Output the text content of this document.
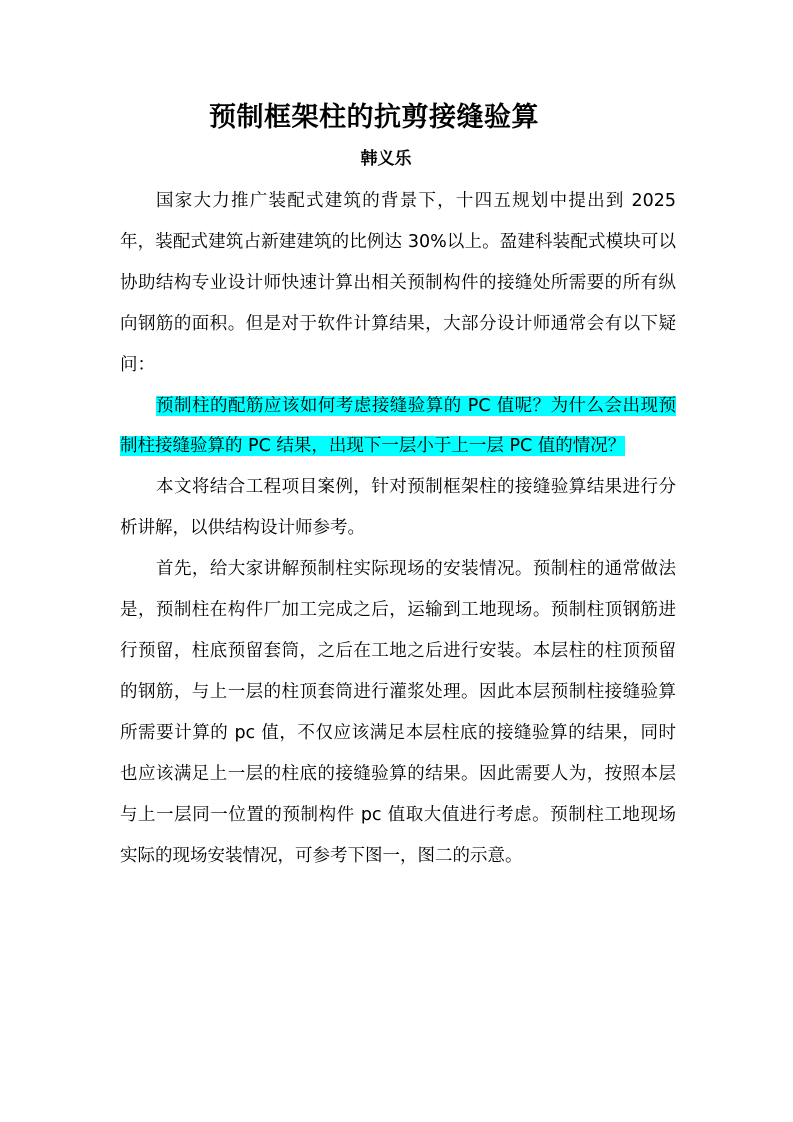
预制框架柱的抗剪接缝验算
韩义乐

国家大力推广装配式建筑的背景下，十四五规划中提出到 2025年，装配式建筑占新建建筑的比例达 30%以上。盈建科装配式模块可以协助结构专业设计师快速计算出相关预制构件的接缝处所需要的所有纵向钢筋的面积。但是对于软件计算结果，大部分设计师通常会有以下疑问：

预制柱的配筋应该如何考虑接缝验算的 PC 值呢？为什么会出现预制柱接缝验算的 PC 结果，出现下一层小于上一层 PC 值的情况？

本文将结合工程项目案例，针对预制框架柱的接缝验算结果进行分析讲解，以供结构设计师参考。

首先，给大家讲解预制柱实际现场的安装情况。预制柱的通常做法是，预制柱在构件厂加工完成之后，运输到工地现场。预制柱顶钢筋进行预留，柱底预留套筒，之后在工地之后进行安装。本层柱的柱顶预留的钢筋，与上一层的柱顶套筒进行灌浆处理。因此本层预制柱接缝验算所需要计算的 pc 值，不仅应该满足本层柱底的接缝验算的结果，同时也应该满足上一层的柱底的接缝验算的结果。因此需要人为，按照本层与上一层同一位置的预制构件 pc 值取大值进行考虑。预制柱工地现场实际的现场安装情况，可参考下图一，图二的示意。
